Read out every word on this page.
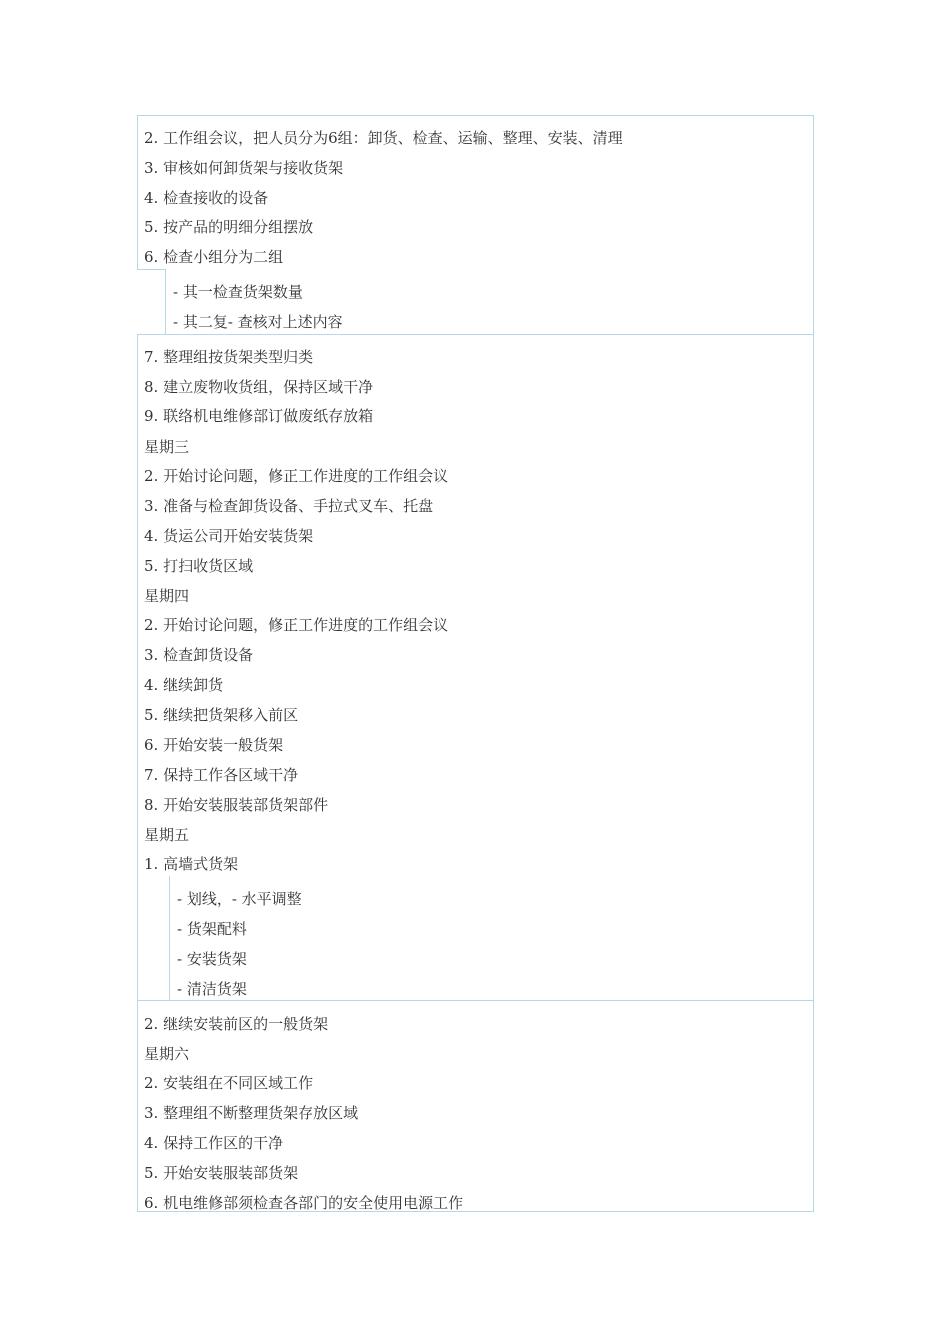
2. 工作组会议，把人员分为6组：卸货、检查、运输、整理、安装、清理
3. 审核如何卸货架与接收货架
4. 检查接收的设备
5. 按产品的明细分组摆放
6. 检查小组分为二组
- 其一检查货架数量
- 其二复- 查核对上述内容
7. 整理组按货架类型归类
8. 建立废物收货组，保持区域干净
9. 联络机电维修部订做废纸存放箱
星期三
2. 开始讨论问题，修正工作进度的工作组会议
3. 准备与检查卸货设备、手拉式叉车、托盘
4. 货运公司开始安装货架
5. 打扫收货区域
星期四
2. 开始讨论问题，修正工作进度的工作组会议
3. 检查卸货设备
4. 继续卸货
5. 继续把货架移入前区
6. 开始安装一般货架
7. 保持工作各区域干净
8. 开始安装服装部货架部件
星期五
1. 高墙式货架
- 划线，- 水平调整
- 货架配料
- 安装货架
- 清洁货架
2. 继续安装前区的一般货架
星期六
2. 安装组在不同区域工作
3. 整理组不断整理货架存放区域
4. 保持工作区的干净
5. 开始安装服装部货架
6. 机电维修部须检查各部门的安全使用电源工作
